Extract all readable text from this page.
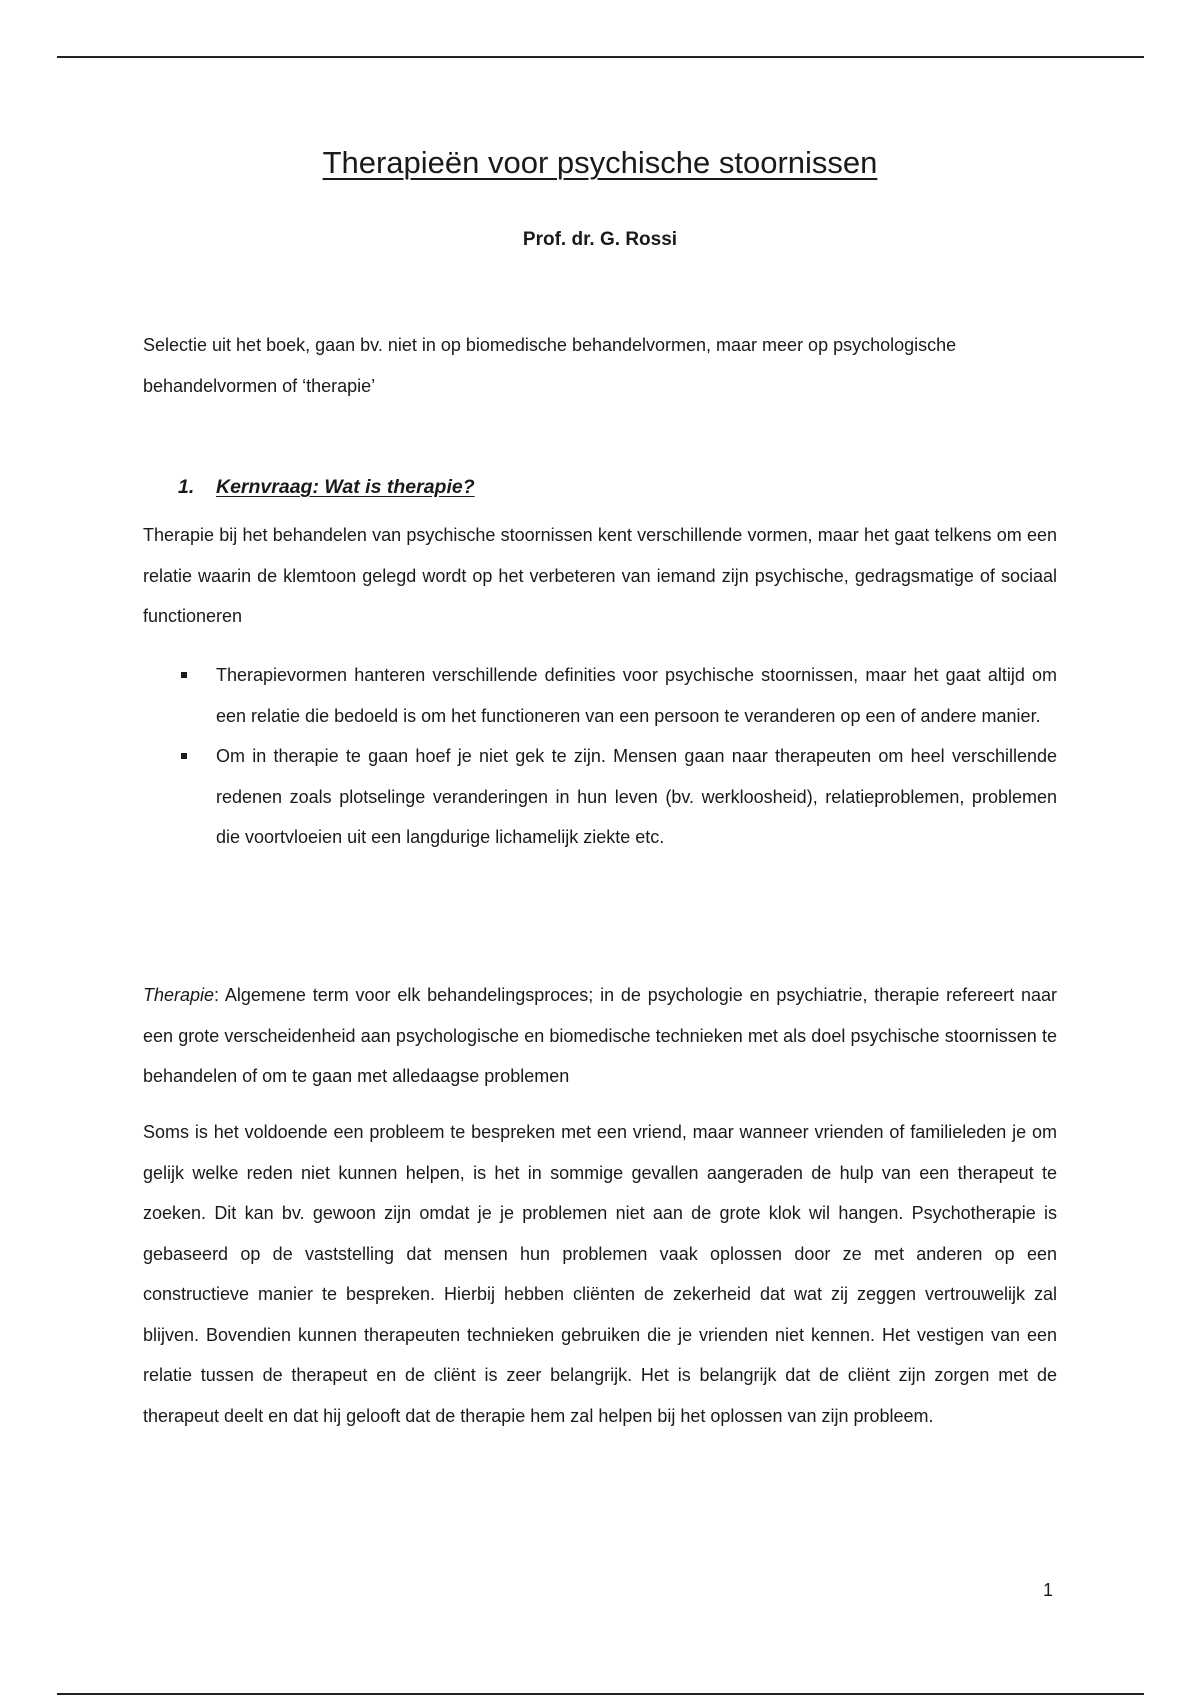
Therapieën voor psychische stoornissen

Prof. dr. G. Rossi

Selectie uit het boek, gaan bv. niet in op biomedische behandelvormen, maar meer op psychologische behandelvormen of ‘therapie’

1. Kernvraag: Wat is therapie?

Therapie bij het behandelen van psychische stoornissen kent verschillende vormen, maar het gaat telkens om een relatie waarin de klemtoon gelegd wordt op het verbeteren van iemand zijn psychische, gedragsmatige of sociaal functioneren

Therapievormen hanteren verschillende definities voor psychische stoornissen, maar het gaat altijd om een relatie die bedoeld is om het functioneren van een persoon te veranderen op een of andere manier.
Om in therapie te gaan hoef je niet gek te zijn. Mensen gaan naar therapeuten om heel verschillende redenen zoals plotselinge veranderingen in hun leven (bv. werkloosheid), relatieproblemen, problemen die voortvloeien uit een langdurige lichamelijk ziekte etc.

Therapie: Algemene term voor elk behandelingsproces; in de psychologie en psychiatrie, therapie refereert naar een grote verscheidenheid aan psychologische en biomedische technieken met als doel psychische stoornissen te behandelen of om te gaan met alledaagse problemen

Soms is het voldoende een probleem te bespreken met een vriend, maar wanneer vrienden of familieleden je om gelijk welke reden niet kunnen helpen, is het in sommige gevallen aangeraden de hulp van een therapeut te zoeken. Dit kan bv. gewoon zijn omdat je je problemen niet aan de grote klok wil hangen. Psychotherapie is gebaseerd op de vaststelling dat mensen hun problemen vaak oplossen door ze met anderen op een constructieve manier te bespreken. Hierbij hebben cliënten de zekerheid dat wat zij zeggen vertrouwelijk zal blijven. Bovendien kunnen therapeuten technieken gebruiken die je vrienden niet kennen. Het vestigen van een relatie tussen de therapeut en de cliënt is zeer belangrijk. Het is belangrijk dat de cliënt zijn zorgen met de therapeut deelt en dat hij gelooft dat de therapie hem zal helpen bij het oplossen van zijn probleem.

1
